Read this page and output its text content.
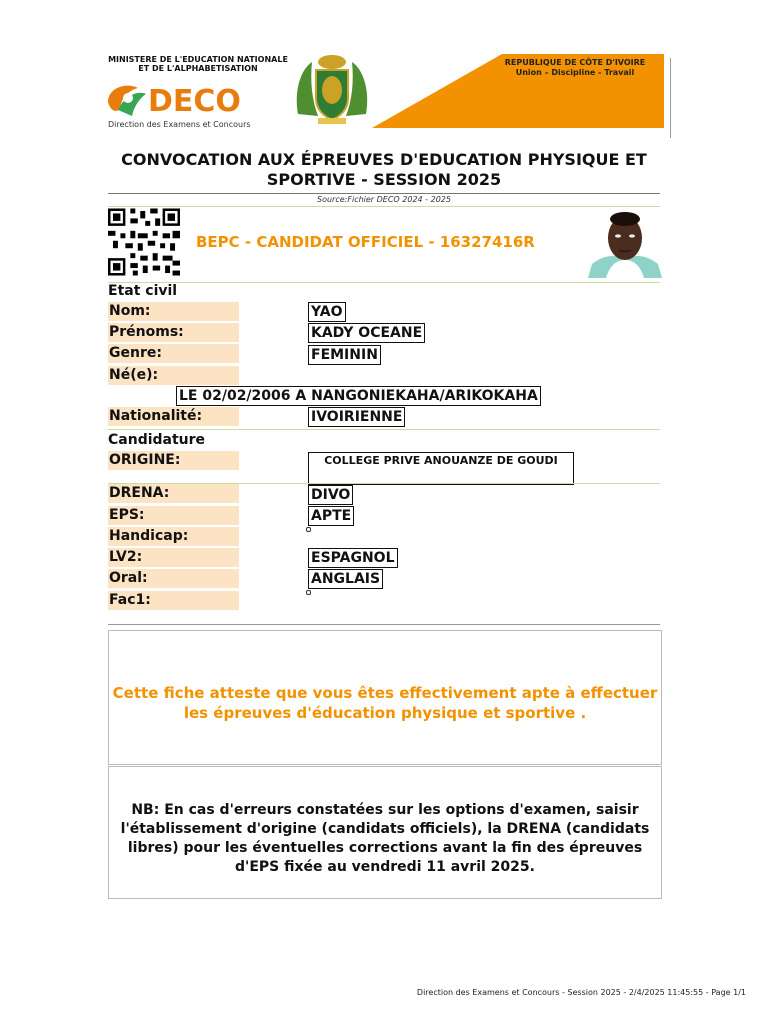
MINISTERE DE L'EDUCATION NATIONALE
ET DE L'ALPHABETISATION
DECO
Direction des Examens et Concours
REPUBLIQUE DE CÔTE D'IVOIRE
Union – Discipline - Travail
CONVOCATION AUX ÉPREUVES D'EDUCATION PHYSIQUE ET
SPORTIVE - SESSION 2025
Source:Fichier DECO 2024 - 2025
BEPC - CANDIDAT OFFICIEL - 16327416R
Etat civil
Nom:	YAO
Prénoms:	KADY OCEANE
Genre:	FEMININ
Né(e):
LE 02/02/2006 A NANGONIEKAHA/ARIKOKAHA
Nationalité:	IVOIRIENNE
Candidature
ORIGINE:	COLLEGE PRIVE ANOUANZE DE GOUDI
DRENA:	DIVO
EPS:	APTE
Handicap:
LV2:	ESPAGNOL
Oral:	ANGLAIS
Fac1:
Cette fiche atteste que vous êtes effectivement apte à effectuer les épreuves d'éducation physique et sportive .
NB: En cas d'erreurs constatées sur les options d'examen, saisir l'établissement d'origine (candidats officiels), la DRENA (candidats libres) pour les éventuelles corrections avant la fin des épreuves d'EPS fixée au vendredi 11 avril 2025.
Direction des Examens et Concours - Session 2025 - 2/4/2025 11:45:55 - Page 1/1
